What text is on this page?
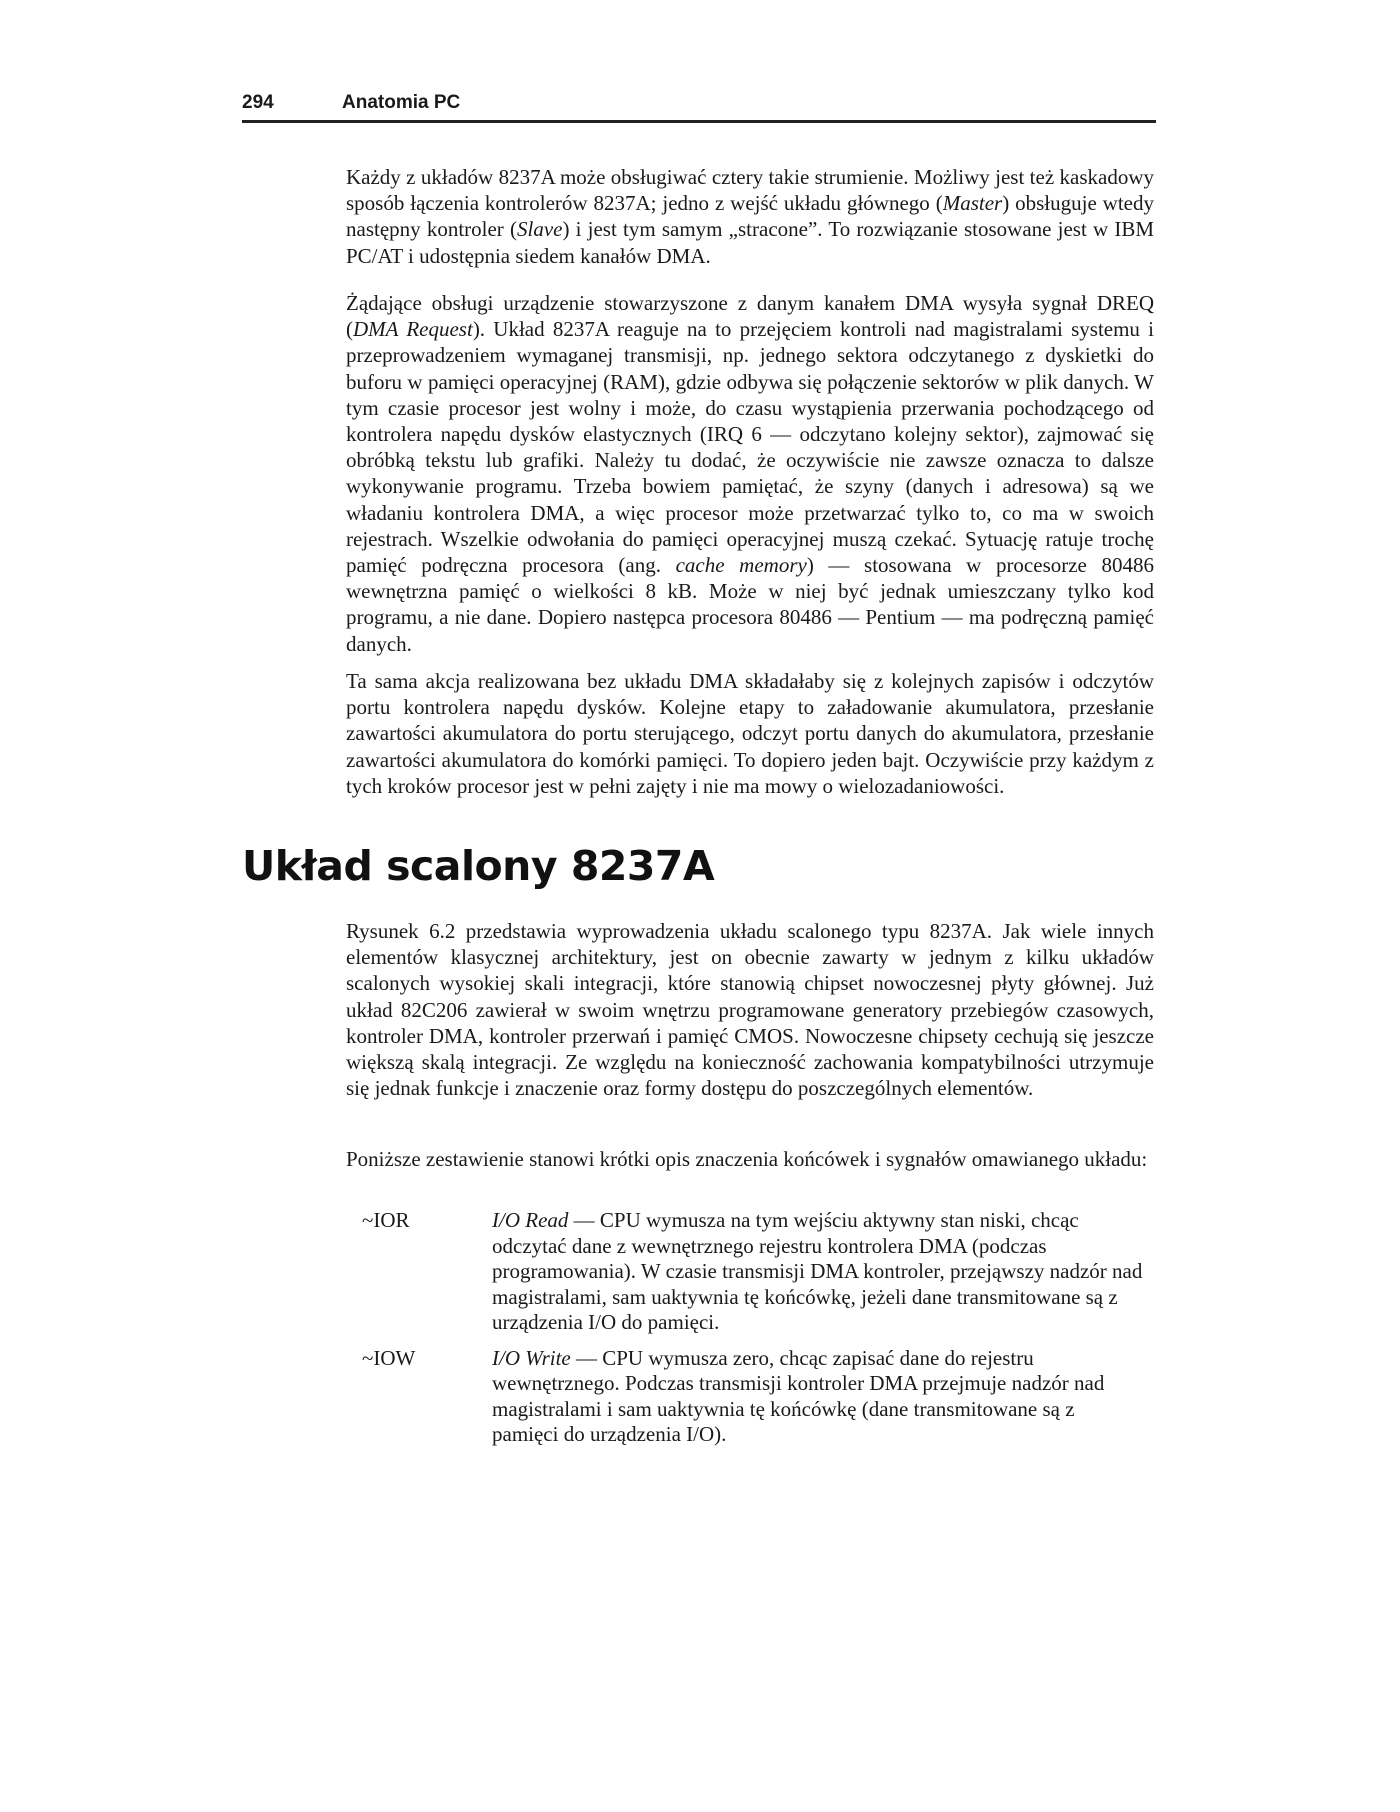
294	Anatomia PC

Każdy z układów 8237A może obsługiwać cztery takie strumienie. Możliwy jest też kaskadowy sposób łączenia kontrolerów 8237A; jedno z wejść układu głównego (Master) obsługuje wtedy następny kontroler (Slave) i jest tym samym „stracone”. To rozwiązanie stosowane jest w IBM PC/AT i udostępnia siedem kanałów DMA.

Żądające obsługi urządzenie stowarzyszone z danym kanałem DMA wysyła sygnał DREQ (DMA Request). Układ 8237A reaguje na to przejęciem kontroli nad magistralami systemu i przeprowadzeniem wymaganej transmisji, np. jednego sektora odczytanego z dyskietki do buforu w pamięci operacyjnej (RAM), gdzie odbywa się połączenie sektorów w plik danych. W tym czasie procesor jest wolny i może, do czasu wystąpienia przerwania pochodzącego od kontrolera napędu dysków elastycznych (IRQ 6 — odczytano kolejny sektor), zajmować się obróbką tekstu lub grafiki. Należy tu dodać, że oczywiście nie zawsze oznacza to dalsze wykonywanie programu. Trzeba bowiem pamiętać, że szyny (danych i adresowa) są we władaniu kontrolera DMA, a więc procesor może przetwarzać tylko to, co ma w swoich rejestrach. Wszelkie odwołania do pamięci operacyjnej muszą czekać. Sytuację ratuje trochę pamięć podręczna procesora (ang. cache memory) — stosowana w procesorze 80486 wewnętrzna pamięć o wielkości 8 kB. Może w niej być jednak umieszczany tylko kod programu, a nie dane. Dopiero następca procesora 80486 — Pentium — ma podręczną pamięć danych.

Ta sama akcja realizowana bez układu DMA składałaby się z kolejnych zapisów i odczytów portu kontrolera napędu dysków. Kolejne etapy to załadowanie akumulatora, przesłanie zawartości akumulatora do portu sterującego, odczyt portu danych do akumulatora, przesłanie zawartości akumulatora do komórki pamięci. To dopiero jeden bajt. Oczywiście przy każdym z tych kroków procesor jest w pełni zajęty i nie ma mowy o wielozadaniowości.

Układ scalony 8237A

Rysunek 6.2 przedstawia wyprowadzenia układu scalonego typu 8237A. Jak wiele innych elementów klasycznej architektury, jest on obecnie zawarty w jednym z kilku układów scalonych wysokiej skali integracji, które stanowią chipset nowoczesnej płyty głównej. Już układ 82C206 zawierał w swoim wnętrzu programowane generatory przebiegów czasowych, kontroler DMA, kontroler przerwań i pamięć CMOS. Nowoczesne chipsety cechują się jeszcze większą skalą integracji. Ze względu na konieczność zachowania kompatybilności utrzymuje się jednak funkcje i znaczenie oraz formy dostępu do poszczególnych elementów.

Poniższe zestawienie stanowi krótki opis znaczenia końcówek i sygnałów omawianego układu:

~IOR	I/O Read — CPU wymusza na tym wejściu aktywny stan niski, chcąc odczytać dane z wewnętrznego rejestru kontrolera DMA (podczas programowania). W czasie transmisji DMA kontroler, przejąwszy nadzór nad magistralami, sam uaktywnia tę końcówkę, jeżeli dane transmitowane są z urządzenia I/O do pamięci.
~IOW	I/O Write — CPU wymusza zero, chcąc zapisać dane do rejestru wewnętrznego. Podczas transmisji kontroler DMA przejmuje nadzór nad magistralami i sam uaktywnia tę końcówkę (dane transmitowane są z pamięci do urządzenia I/O).
